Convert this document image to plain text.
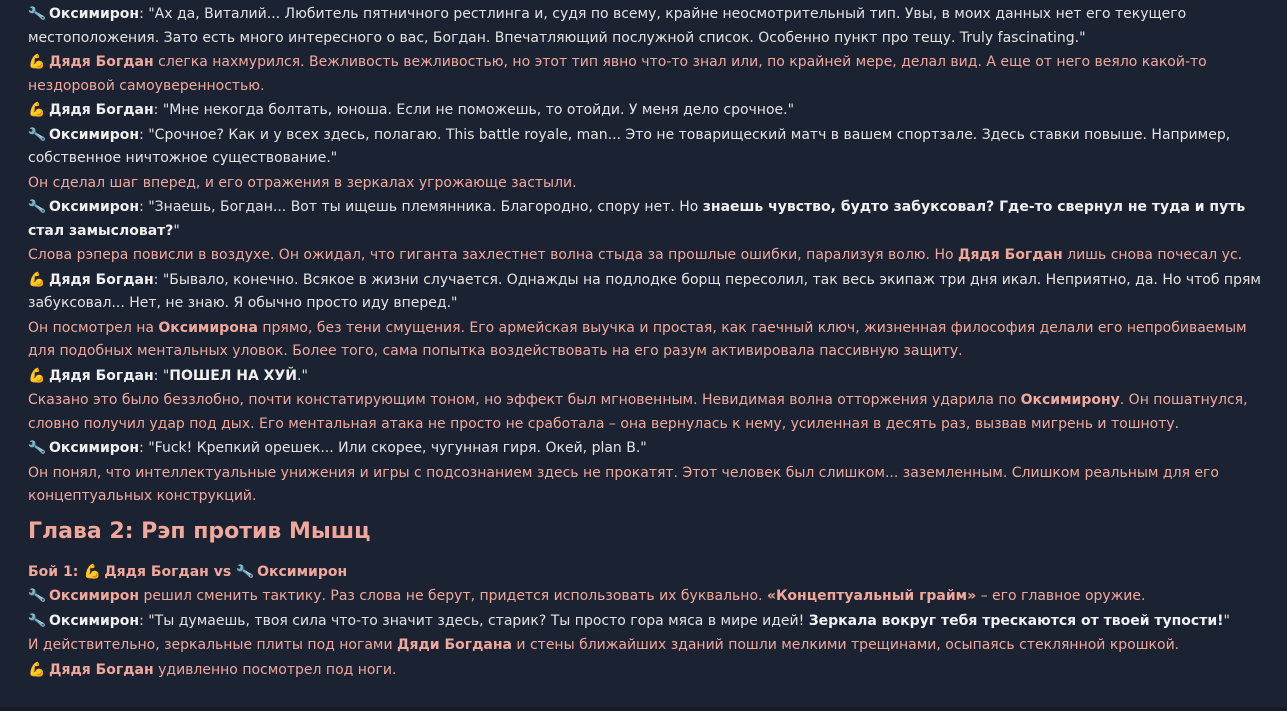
🔧 Оксимирон: "Ах да, Виталий... Любитель пятничного рестлинга и, судя по всему, крайне неосмотрительный тип. Увы, в моих данных нет его текущего местоположения. Зато есть много интересного о вас, Богдан. Впечатляющий послужной список. Особенно пункт про тещу. Truly fascinating."

💪 Дядя Богдан слегка нахмурился. Вежливость вежливостью, но этот тип явно что-то знал или, по крайней мере, делал вид. А еще от него веяло какой-то нездоровой самоуверенностью.

💪 Дядя Богдан: "Мне некогда болтать, юноша. Если не поможешь, то отойди. У меня дело срочное."

🔧 Оксимирон: "Срочное? Как и у всех здесь, полагаю. This battle royale, man... Это не товарищеский матч в вашем спортзале. Здесь ставки повыше. Например, собственное ничтожное существование."

Он сделал шаг вперед, и его отражения в зеркалах угрожающе застыли.

🔧 Оксимирон: "Знаешь, Богдан... Вот ты ищешь племянника. Благородно, спору нет. Но знаешь чувство, будто забуксовал? Где-то свернул не туда и путь стал замысловат?"

Слова рэпера повисли в воздухе. Он ожидал, что гиганта захлестнет волна стыда за прошлые ошибки, парализуя волю. Но Дядя Богдан лишь снова почесал ус.

💪 Дядя Богдан: "Бывало, конечно. Всякое в жизни случается. Однажды на подлодке борщ пересолил, так весь экипаж три дня икал. Неприятно, да. Но чтоб прям забуксовал... Нет, не знаю. Я обычно просто иду вперед."

Он посмотрел на Оксимирона прямо, без тени смущения. Его армейская выучка и простая, как гаечный ключ, жизненная философия делали его непробиваемым для подобных ментальных уловок. Более того, сама попытка воздействовать на его разум активировала пассивную защиту.

💪 Дядя Богдан: "ПОШЕЛ НА ХУЙ."

Сказано это было беззлобно, почти констатирующим тоном, но эффект был мгновенным. Невидимая волна отторжения ударила по Оксимирону. Он пошатнулся, словно получил удар под дых. Его ментальная атака не просто не сработала – она вернулась к нему, усиленная в десять раз, вызвав мигрень и тошноту.

🔧 Оксимирон: "Fuck! Крепкий орешек... Или скорее, чугунная гиря. Окей, plan B."

Он понял, что интеллектуальные унижения и игры с подсознанием здесь не прокатят. Этот человек был слишком... заземленным. Слишком реальным для его концептуальных конструкций.

Глава 2: Рэп против Мышц

Бой 1: 💪 Дядя Богдан vs 🔧 Оксимирон

🔧 Оксимирон решил сменить тактику. Раз слова не берут, придется использовать их буквально. «Концептуальный грайм» – его главное оружие.

🔧 Оксимирон: "Ты думаешь, твоя сила что-то значит здесь, старик? Ты просто гора мяса в мире идей! Зеркала вокруг тебя трескаются от твоей тупости!"

И действительно, зеркальные плиты под ногами Дяди Богдана и стены ближайших зданий пошли мелкими трещинами, осыпаясь стеклянной крошкой.

💪 Дядя Богдан удивленно посмотрел под ноги.
